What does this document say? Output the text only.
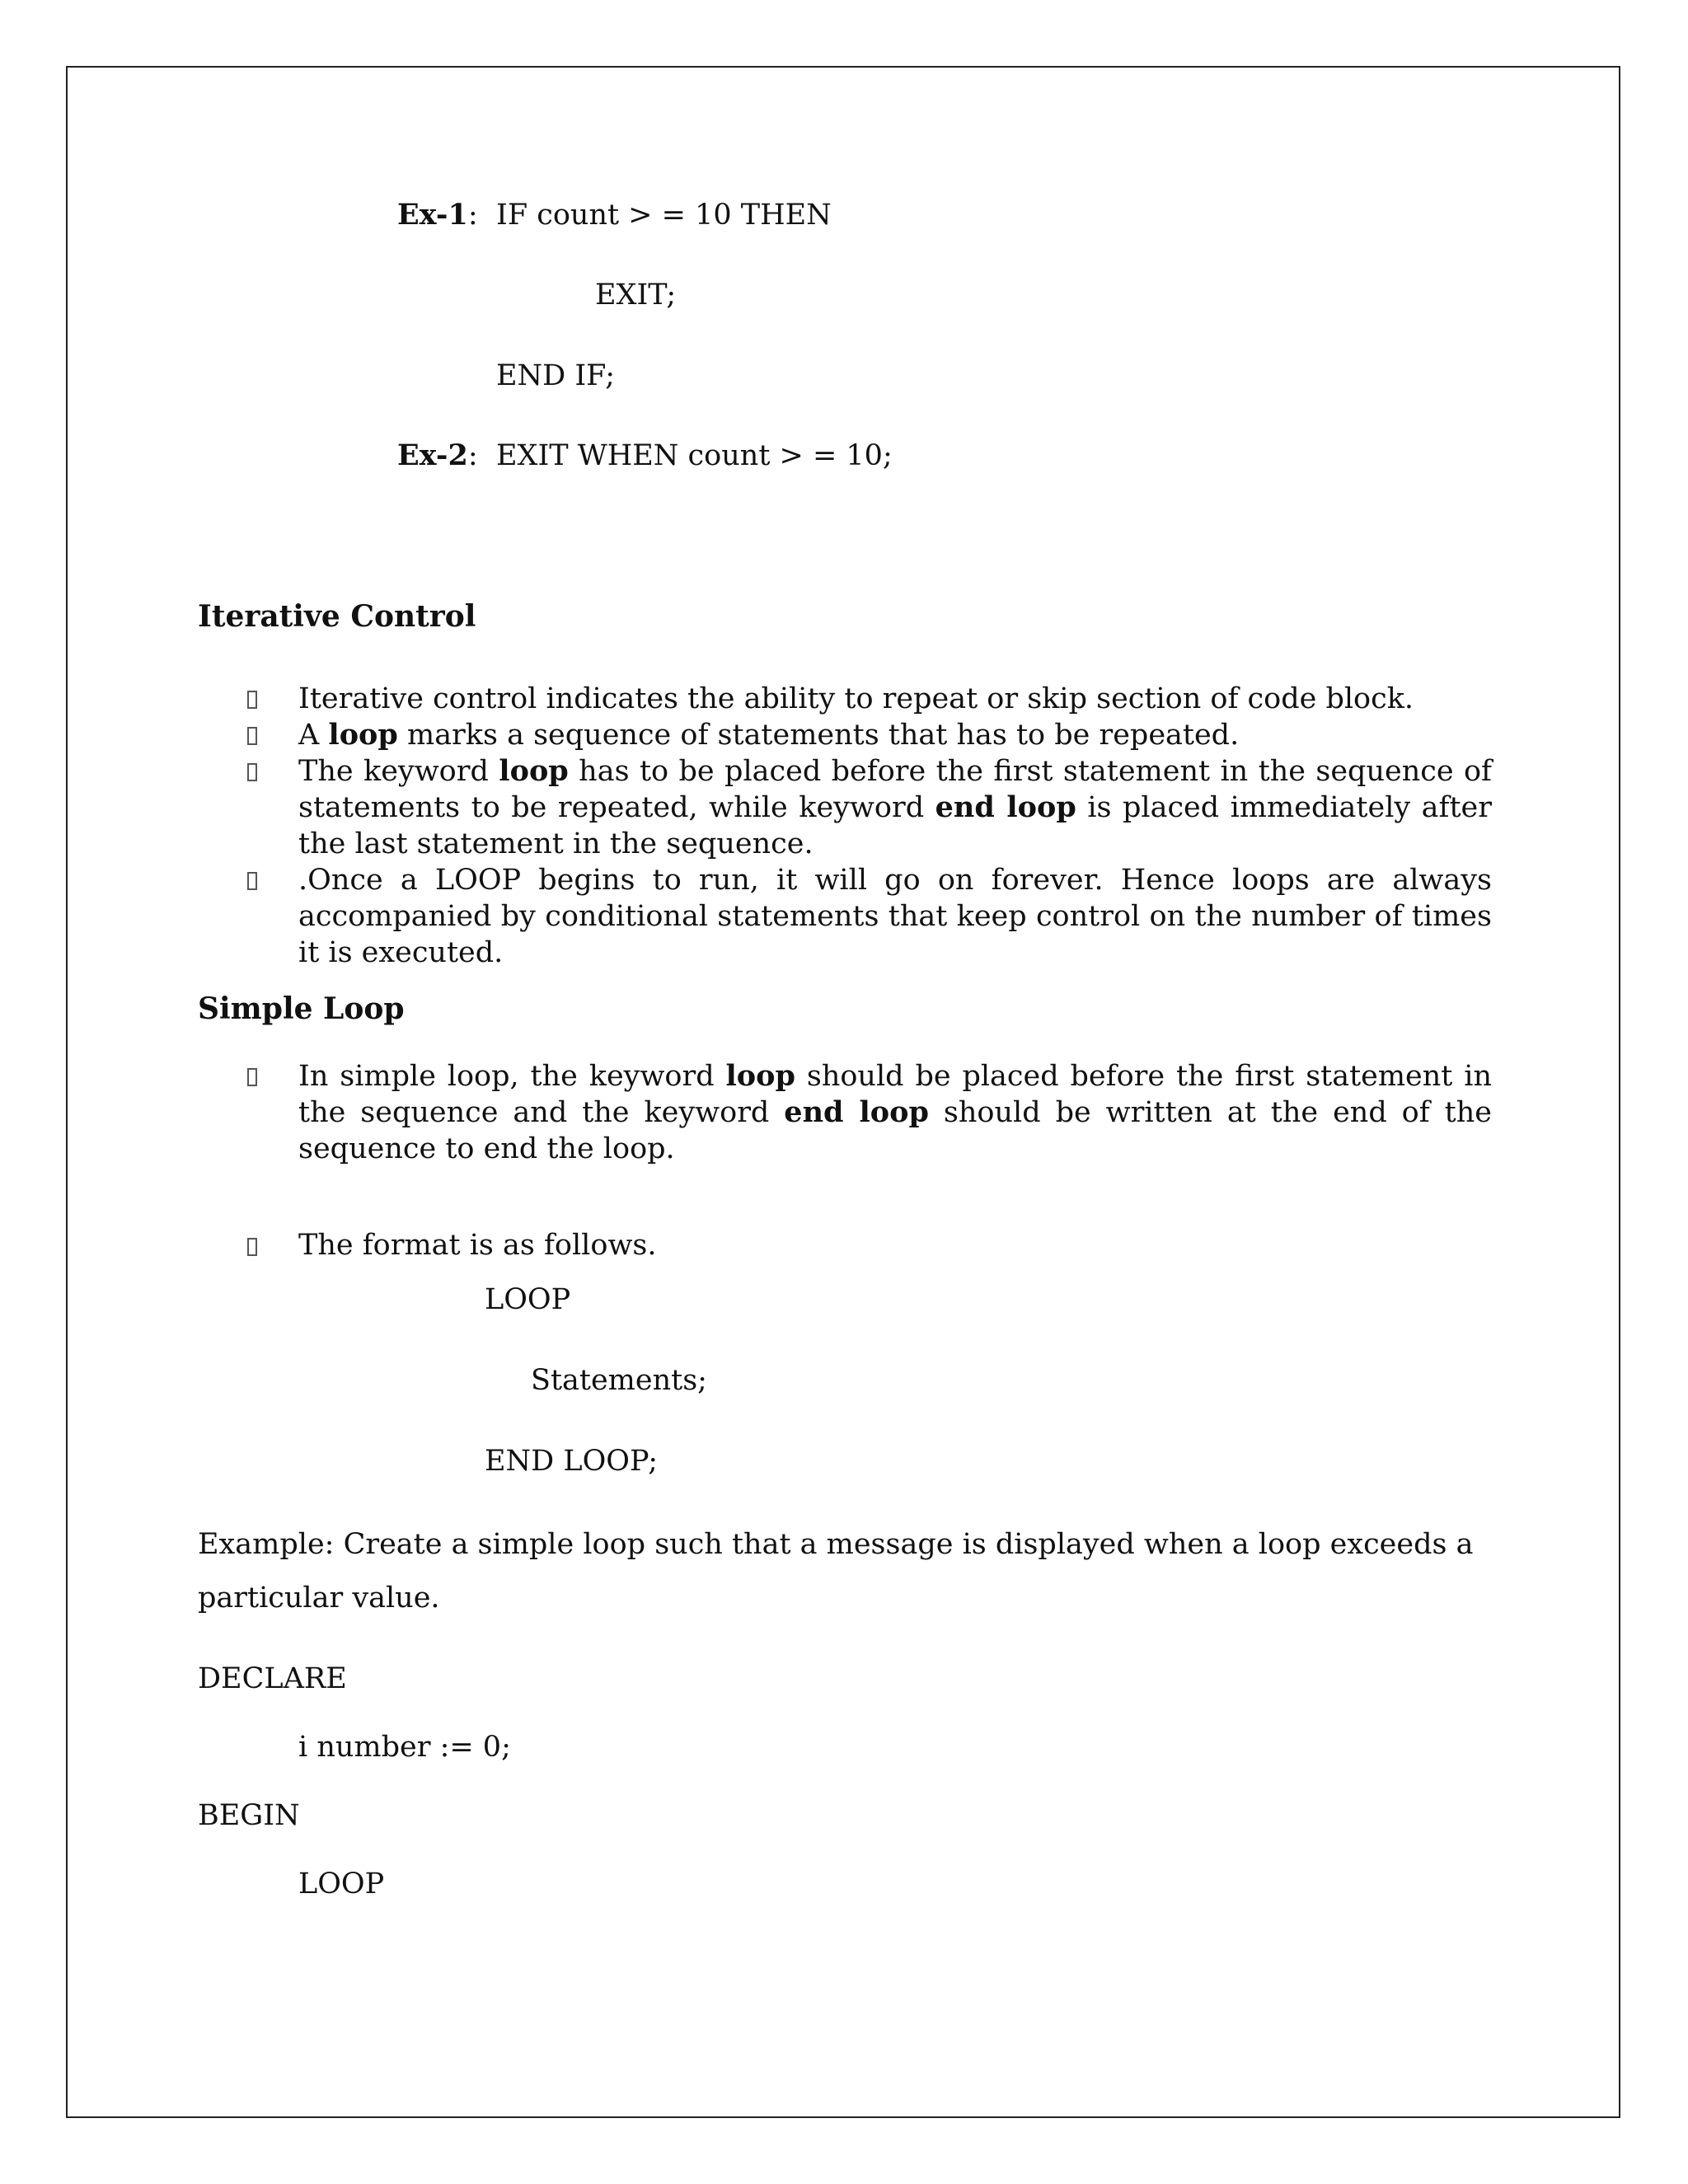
Ex-1: IF count > = 10 THEN
EXIT;
END IF;
Ex-2: EXIT WHEN count > = 10;
Iterative Control
Iterative control indicates the ability to repeat or skip section of code block.
A loop marks a sequence of statements that has to be repeated.
The keyword loop has to be placed before the first statement in the sequence of statements to be repeated, while keyword end loop is placed immediately after the last statement in the sequence.
.Once a LOOP begins to run, it will go on forever. Hence loops are always accompanied by conditional statements that keep control on the number of times it is executed.
Simple Loop
In simple loop, the keyword loop should be placed before the first statement in the sequence and the keyword end loop should be written at the end of the sequence to end the loop.
The format is as follows.
LOOP
Statements;
END LOOP;
Example: Create a simple loop such that a message is displayed when a loop exceeds a
particular value.
DECLARE
i number := 0;
BEGIN
LOOP
